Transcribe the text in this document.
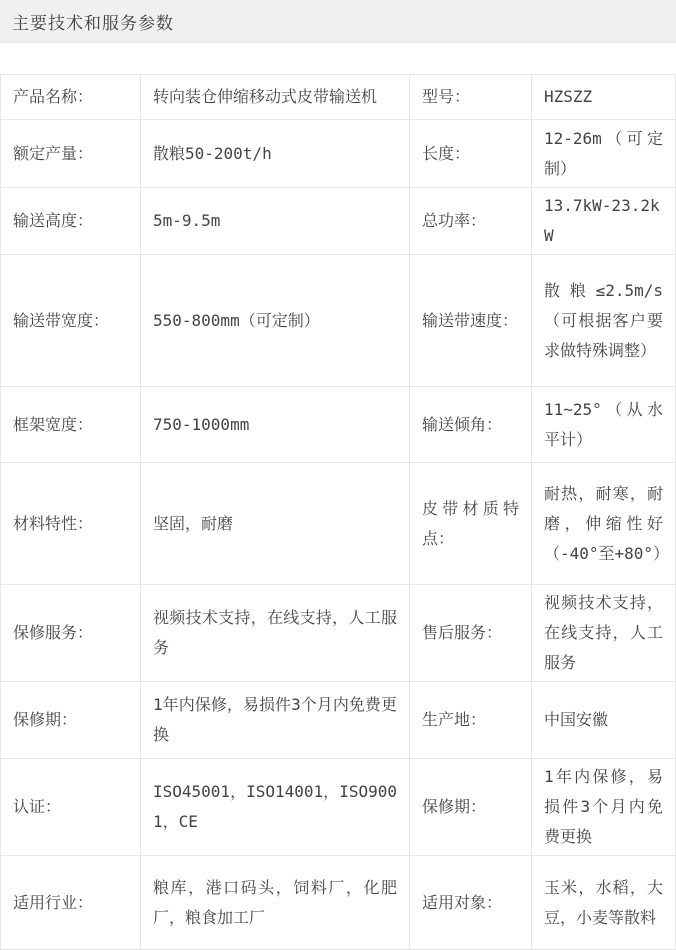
主要技术和服务参数
产品名称：	转向装仓伸缩移动式皮带输送机	型号：	HZSZZ
额定产量：	散粮50-200t/h	长度：	12-26m（可定制）
输送高度：	5m-9.5m	总功率：	13.7kW-23.2kW
输送带宽度：	550-800mm（可定制）	输送带速度：	散粮≤2.5m/s（可根据客户要求做特殊调整）
框架宽度：	750-1000mm	输送倾角：	11~25°（从水平计）
材料特性：	坚固，耐磨	皮带材质特点：	耐热，耐寒，耐磨，伸缩性好（-40°至+80°）
保修服务：	视频技术支持，在线支持，人工服务	售后服务：	视频技术支持，在线支持，人工服务
保修期：	1年内保修，易损件3个月内免费更换	生产地：	中国安徽
认证：	ISO45001，ISO14001，ISO9001，CE	保修期：	1年内保修，易损件3个月内免费更换
适用行业：	粮库，港口码头，饲料厂，化肥厂，粮食加工厂	适用对象：	玉米，水稻，大豆，小麦等散料
